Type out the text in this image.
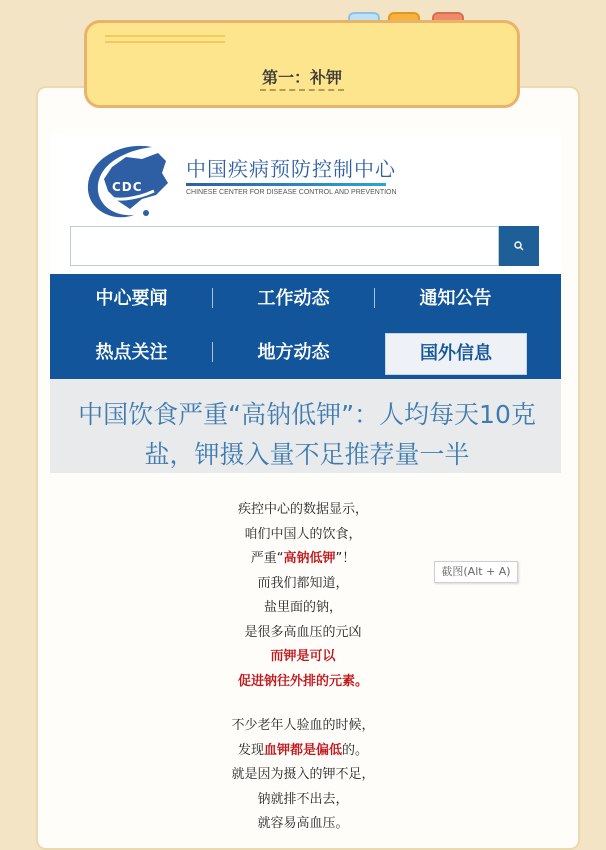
第一：补钾
CDC
中国疾病预防控制中心
CHINESE CENTER FOR DISEASE CONTROL AND PREVENTION
中心要闻	工作动态	通知公告
热点关注	地方动态	国外信息
中国饮食严重“高钠低钾”：人均每天10克
盐，钾摄入量不足推荐量一半
疾控中心的数据显示，
咱们中国人的饮食，
严重“高钠低钾”！
而我们都知道，
盐里面的钠，
是很多高血压的元凶
而钾是可以
促进钠往外排的元素。
不少老年人验血的时候，
发现血钾都是偏低的。
就是因为摄入的钾不足，
钠就排不出去，
就容易高血压。
截图(Alt + A)
